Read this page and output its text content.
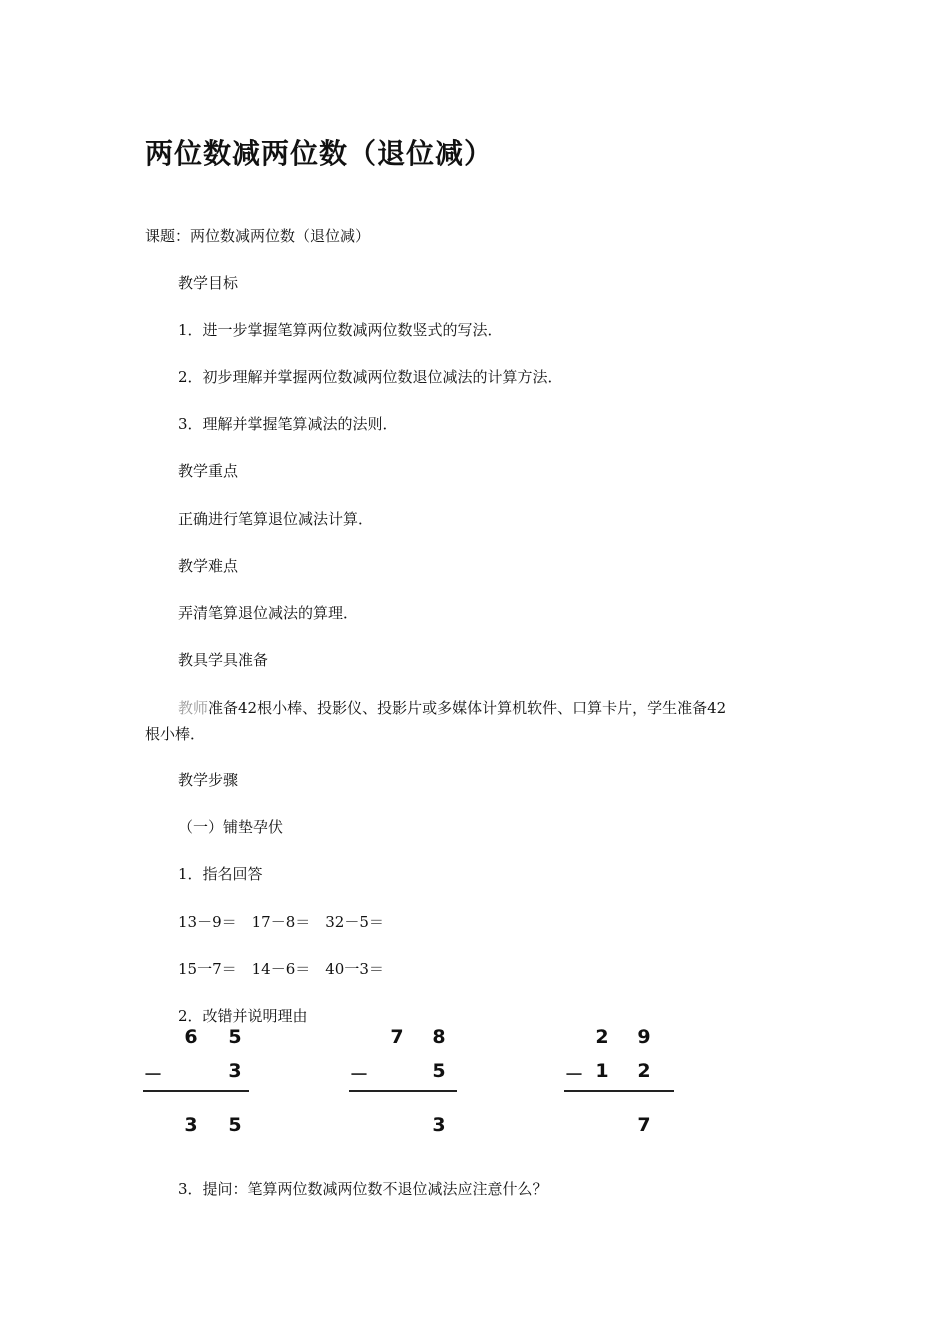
两位数减两位数（退位减）
课题：两位数减两位数（退位减）
教学目标
1．进一步掌握笔算两位数减两位数竖式的写法．
2．初步理解并掌握两位数减两位数退位减法的计算方法．
3．理解并掌握笔算减法的法则．
教学重点
正确进行笔算退位减法计算．
教学难点
弄清笔算退位减法的算理．
教具学具准备
教师准备42根小棒、投影仪、投影片或多媒体计算机软件、口算卡片，学生准备42
根小棒．
教学步骤
（一）铺垫孕伏
1．指名回答
13－9＝　17－8＝　32－5＝
15一7＝　14－6＝　40一3＝
2．改错并说明理由
6 5
－	3
3 5
7 8
－	5
3
2 9
－ 1 2
7
3．提问：笔算两位数减两位数不退位减法应注意什么？
